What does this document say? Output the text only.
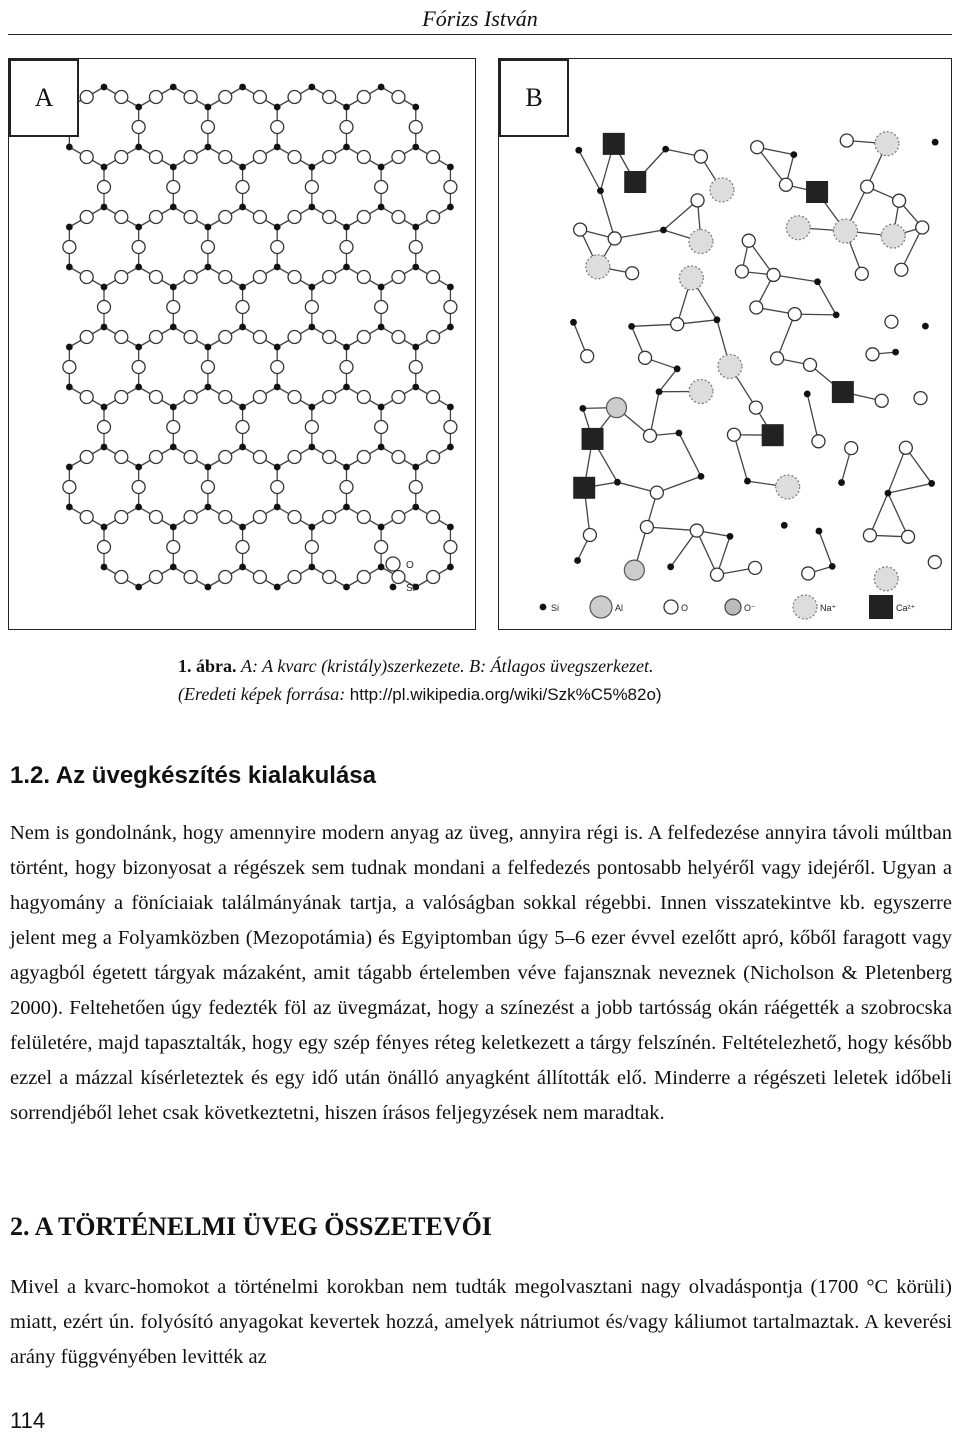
Fórizs István
O
Si
A
Si	Al	O	O⁻	Na⁺	Ca²⁺
B
1. ábra. A: A kvarc (kristály)szerkezete. B: Átlagos üvegszerkezet.
(Eredeti képek forrása: http://pl.wikipedia.org/wiki/Szk%C5%82o)
1.2. Az üvegkészítés kialakulása
Nem is gondolnánk, hogy amennyire modern anyag az üveg, annyira régi is. A felfedezése annyira távoli múltban történt, hogy bizonyosat a régészek sem tudnak mondani a felfedezés pontosabb helyéről vagy idejéről. Ugyan a hagyomány a föníciaiak találmányának tartja, a valóságban sokkal régebbi. Innen visszatekintve kb. egyszerre jelent meg a Folyamközben (Mezopotámia) és Egyiptomban úgy 5–6 ezer évvel ezelőtt apró, kőből faragott vagy agyagból égetett tárgyak mázaként, amit tágabb értelemben véve fajansznak neveznek (Nicholson & Pletenberg 2000). Feltehetően úgy fedezték föl az üvegmázat, hogy a színezést a jobb tartósság okán ráégették a szobrocska felületére, majd tapasztalták, hogy egy szép fényes réteg keletkezett a tárgy felszínén. Feltételezhető, hogy később ezzel a mázzal kísérleteztek és egy idő után önálló anyagként állították elő. Minderre a régészeti leletek időbeli sorrendjéből lehet csak következtetni, hiszen írásos feljegyzések nem maradtak.
2. A TÖRTÉNELMI ÜVEG ÖSSZETEVŐI
Mivel a kvarc-homokot a történelmi korokban nem tudták megolvasztani nagy olvadáspontja (1700 °C körüli) miatt, ezért ún. folyósító anyagokat kevertek hozzá, amelyek nátriumot és/vagy káliumot tartalmaztak. A keverési arány függvényében levitték az
114
